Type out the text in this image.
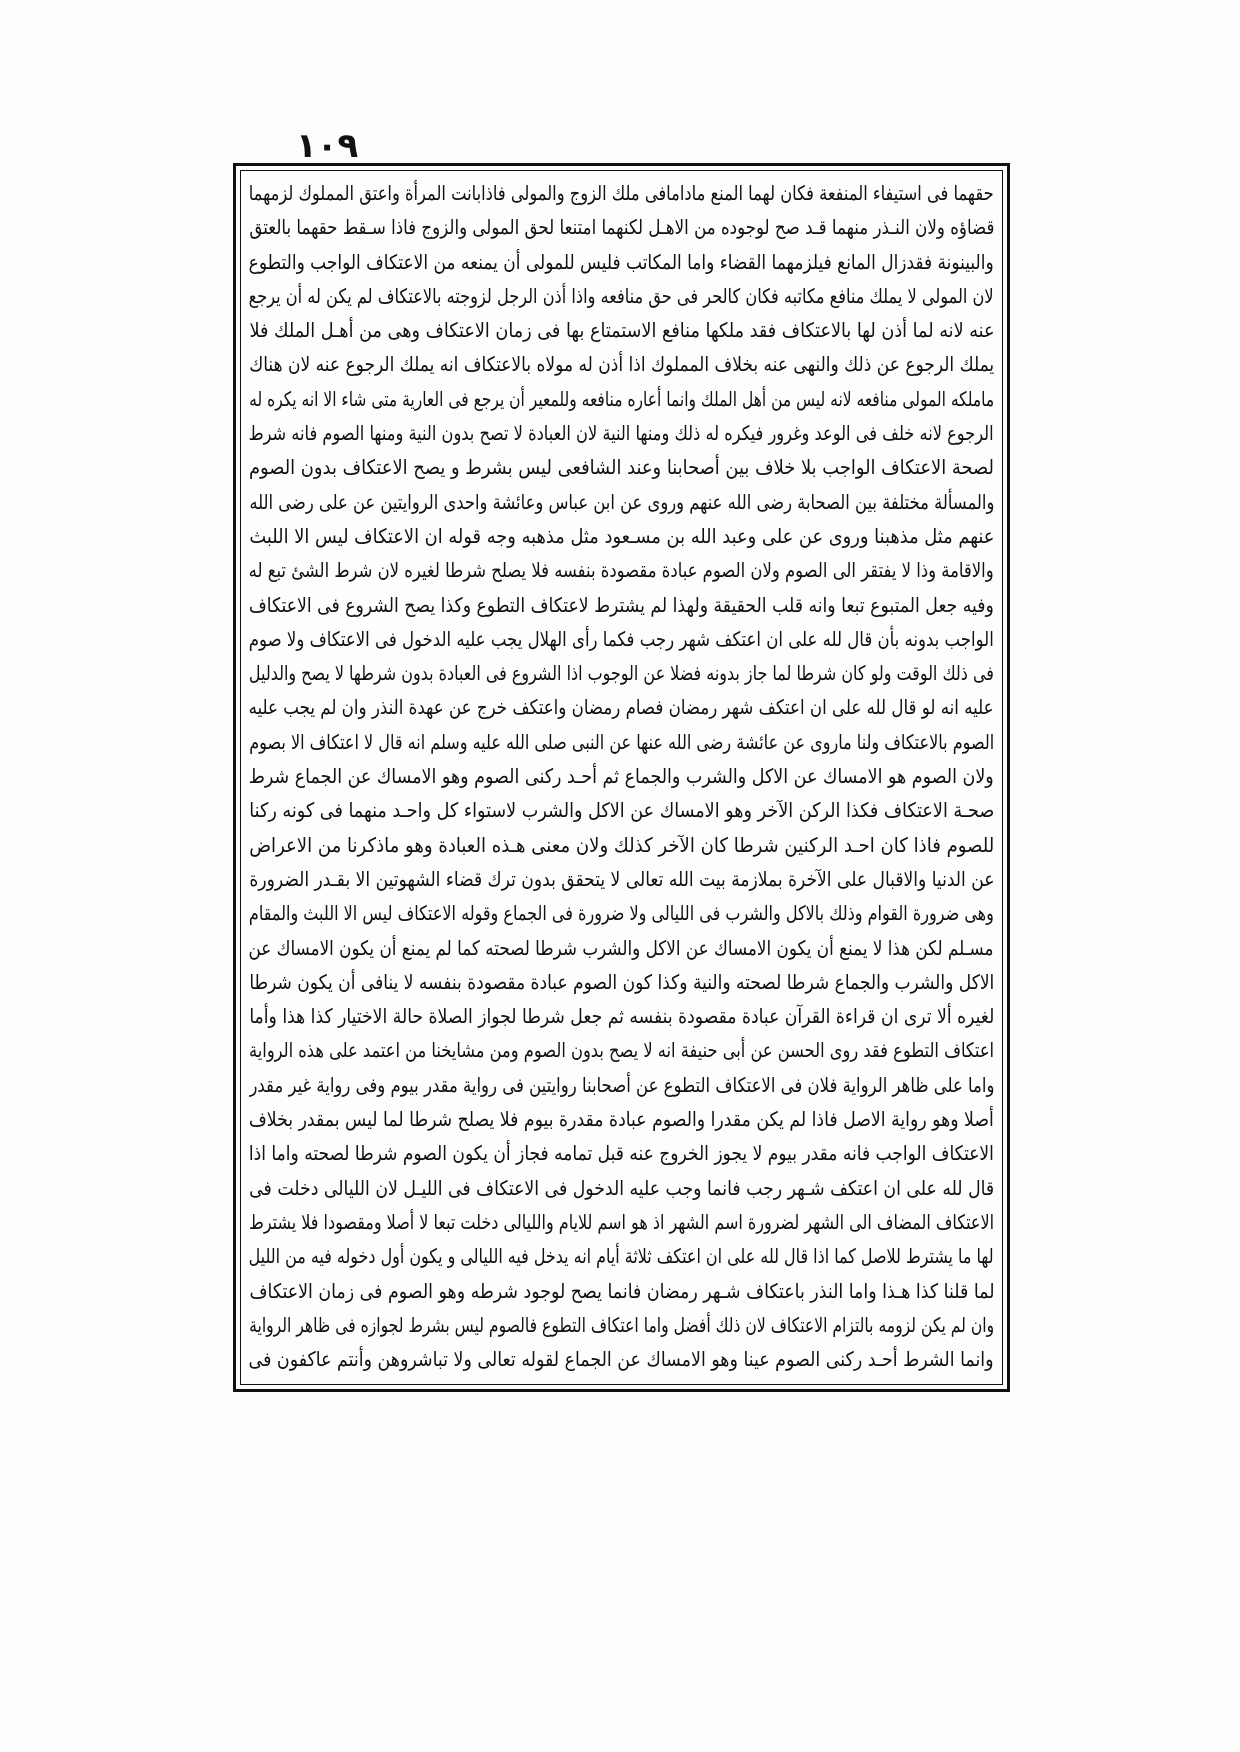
١٠٩
حقهما فى استيفاء المنفعة فكان لهما المنع مادامافى ملك الزوج والمولى فاذابانت المرأة واعتق المملوك لزمهما
قضاؤه ولان النـذر منهما قـد صح لوجوده من الاهـل لكنهما امتنعا لحق المولى والزوج فاذا سـقط حقهما بالعتق
والبينونة فقدزال المانع فيلزمهما القضاء واما المكاتب فليس للمولى أن يمنعه من الاعتكاف الواجب والتطوع
لان المولى لا يملك منافع مكاتبه فكان كالحر فى حق منافعه واذا أذن الرجل لزوجته بالاعتكاف لم يكن له أن يرجع
عنه لانه لما أذن لها بالاعتكاف فقد ملكها منافع الاستمتاع بها فى زمان الاعتكاف وهى من أهـل الملك فلا
يملك الرجوع عن ذلك والنهى عنه بخلاف المملوك اذا أذن له مولاه بالاعتكاف انه يملك الرجوع عنه لان هناك
ماملكه المولى منافعه لانه ليس من أهل الملك وانما أعاره منافعه وللمعير أن يرجع فى العارية متى شاء الا انه يكره له
الرجوع لانه خلف فى الوعد وغرور فيكره له ذلك ومنها النية لان العبادة لا تصح بدون النية ومنها الصوم فانه شرط
لصحة الاعتكاف الواجب بلا خلاف بين أصحابنا وعند الشافعى ليس بشرط و يصح الاعتكاف بدون الصوم
والمسألة مختلفة بين الصحابة رضى الله عنهم وروى عن ابن عباس وعائشة واحدى الروايتين عن على رضى الله
عنهم مثل مذهبنا وروى عن على وعبد الله بن مسـعود مثل مذهبه وجه قوله ان الاعتكاف ليس الا اللبث
والاقامة وذا لا يفتقر الى الصوم ولان الصوم عبادة مقصودة بنفسه فلا يصلح شرطا لغيره لان شرط الشئ تبع له
وفيه جعل المتبوع تبعا وانه قلب الحقيقة ولهذا لم يشترط لاعتكاف التطوع وكذا يصح الشروع فى الاعتكاف
الواجب بدونه بأن قال لله على ان اعتكف شهر رجب فكما رأى الهلال يجب عليه الدخول فى الاعتكاف ولا صوم
فى ذلك الوقت ولو كان شرطا لما جاز بدونه فضلا عن الوجوب اذا الشروع فى العبادة بدون شرطها لا يصح والدليل
عليه انه لو قال لله على ان اعتكف شهر رمضان فصام رمضان واعتكف خرج عن عهدة النذر وان لم يجب عليه
الصوم بالاعتكاف ولنا ماروى عن عائشة رضى الله عنها عن النبى صلى الله عليه وسلم انه قال لا اعتكاف الا بصوم
ولان الصوم هو الامساك عن الاكل والشرب والجماع ثم أحـد ركنى الصوم وهو الامساك عن الجماع شرط
صحـة الاعتكاف فكذا الركن الآخر وهو الامساك عن الاكل والشرب لاستواء كل واحـد منهما فى كونه ركنا
للصوم فاذا كان احـد الركنين شرطا كان الآخر كذلك ولان معنى هـذه العبادة وهو ماذكرنا من الاعراض
عن الدنيا والاقبال على الآخرة بملازمة بيت الله تعالى لا يتحقق بدون ترك قضاء الشهوتين الا بقـدر الضرورة
وهى ضرورة القوام وذلك بالاكل والشرب فى الليالى ولا ضرورة فى الجماع وقوله الاعتكاف ليس الا اللبث والمقام
مسـلم لكن هذا لا يمنع أن يكون الامساك عن الاكل والشرب شرطا لصحته كما لم يمنع أن يكون الامساك عن
الاكل والشرب والجماع شرطا لصحته والنية وكذا كون الصوم عبادة مقصودة بنفسه لا ينافى أن يكون شرطا
لغيره ألا ترى ان قراءة القرآن عبادة مقصودة بنفسه ثم جعل شرطا لجواز الصلاة حالة الاختيار كذا هذا وأما
اعتكاف التطوع فقد روى الحسن عن أبى حنيفة انه لا يصح بدون الصوم ومن مشايخنا من اعتمد على هذه الرواية
واما على ظاهر الرواية فلان فى الاعتكاف التطوع عن أصحابنا روايتين فى رواية مقدر بيوم وفى رواية غير مقدر
أصلا وهو رواية الاصل فاذا لم يكن مقدرا والصوم عبادة مقدرة بيوم فلا يصلح شرطا لما ليس بمقدر بخلاف
الاعتكاف الواجب فانه مقدر بيوم لا يجوز الخروج عنه قبل تمامه فجاز أن يكون الصوم شرطا لصحته واما اذا
قال لله على ان اعتكف شـهر رجب فانما وجب عليه الدخول فى الاعتكاف فى الليـل لان الليالى دخلت فى
الاعتكاف المضاف الى الشهر لضرورة اسم الشهر اذ هو اسم للايام والليالى دخلت تبعا لا أصلا ومقصودا فلا يشترط
لها ما يشترط للاصل كما اذا قال لله على ان اعتكف ثلاثة أيام انه يدخل فيه الليالى و يكون أول دخوله فيه من الليل
لما قلنا كذا هـذا واما النذر باعتكاف شـهر رمضان فانما يصح لوجود شرطه وهو الصوم فى زمان الاعتكاف
وان لم يكن لزومه بالتزام الاعتكاف لان ذلك أفضل واما اعتكاف التطوع فالصوم ليس بشرط لجوازه فى ظاهر الرواية
وانما الشرط أحـد ركنى الصوم عينا وهو الامساك عن الجماع لقوله تعالى ولا تباشروهن وأنتم عاكفون فى
